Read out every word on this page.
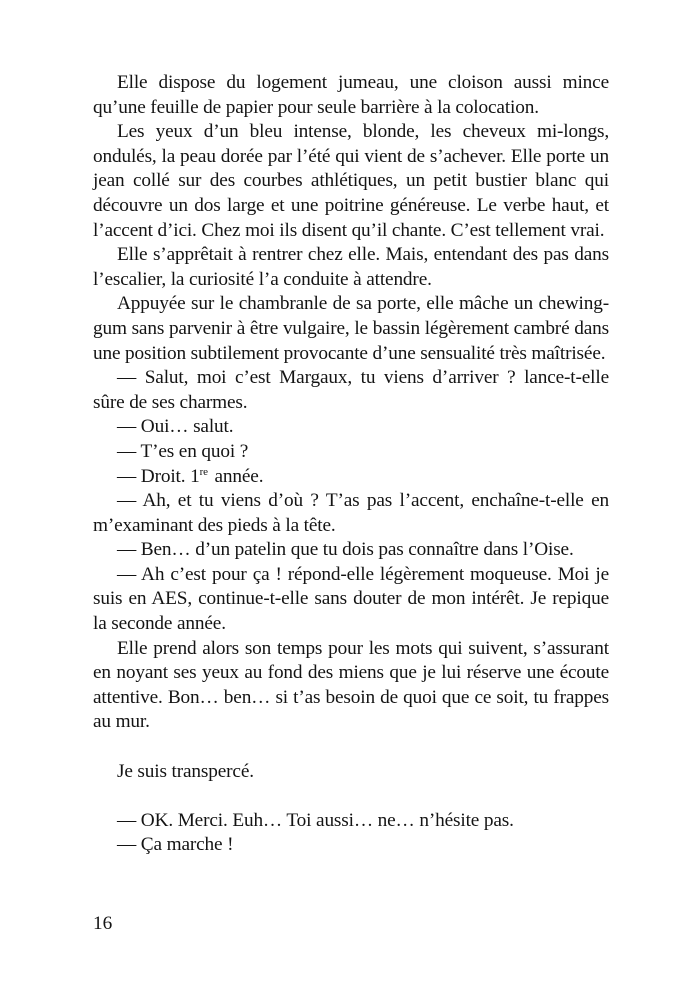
Elle dispose du logement jumeau, une cloison aussi mince qu’une feuille de papier pour seule barrière à la colocation.

Les yeux d’un bleu intense, blonde, les cheveux mi-longs, ondulés, la peau dorée par l’été qui vient de s’achever. Elle porte un jean collé sur des courbes athlétiques, un petit bustier blanc qui découvre un dos large et une poitrine généreuse. Le verbe haut, et l’accent d’ici. Chez moi ils disent qu’il chante. C’est tellement vrai.

Elle s’apprêtait à rentrer chez elle. Mais, entendant des pas dans l’escalier, la curiosité l’a conduite à attendre.

Appuyée sur le chambranle de sa porte, elle mâche un chewing-gum sans parvenir à être vulgaire, le bassin légèrement cambré dans une position subtilement provocante d’une sensualité très maîtrisée.

— Salut, moi c’est Margaux, tu viens d’arriver ? lance-t-elle sûre de ses charmes.

— Oui… salut.

— T’es en quoi ?

— Droit. 1re année.

— Ah, et tu viens d’où ? T’as pas l’accent, enchaîne-t-elle en m’examinant des pieds à la tête.

— Ben… d’un patelin que tu dois pas connaître dans l’Oise.

— Ah c’est pour ça ! répond-elle légèrement moqueuse. Moi je suis en AES, continue-t-elle sans douter de mon intérêt. Je repique la seconde année.

Elle prend alors son temps pour les mots qui suivent, s’assurant en noyant ses yeux au fond des miens que je lui réserve une écoute attentive. Bon… ben… si t’as besoin de quoi que ce soit, tu frappes au mur.

Je suis transpercé.

— OK. Merci. Euh… Toi aussi… ne… n’hésite pas.

— Ça marche !

16
